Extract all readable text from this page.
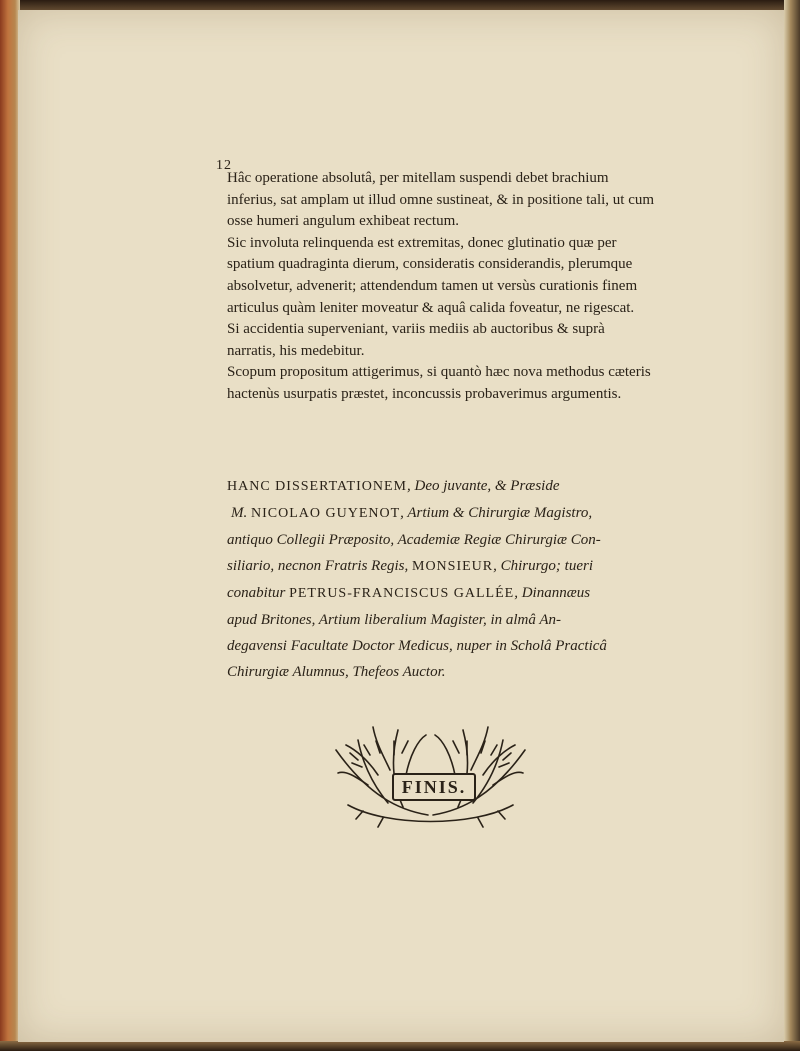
12

Hâc operatione absolutâ, per mitellam suspendi debet brachium inferius, sat amplam ut illud omne sustineat, & in positione tali, ut cum osse humeri angulum exhibeat rectum.

Sic involuta relinquenda est extremitas, donec glutinatio quæ per spatium quadraginta dierum, consideratis considerandis, plerumque absolvetur, advenerit; attendendum tamen ut versùs curationis finem articulus quàm leniter moveatur & aquâ calida foveatur, ne rigescat.

Si accidentia superveniant, variis mediis ab auctoribus & suprà narratis, his medebitur.

Scopum propositum attigerimus, si quantò hæc nova methodus cæteris hactenùs usurpatis præstet, inconcussis probaverimus argumentis.

HANC DISSERTATIONEM, Deo juvante, & Præside
M. NICOLAO GUYENOT, Artium & Chirurgiæ Magistro,
antiquo Collegii Præposito, Academiæ Regiæ Chirurgiæ Con-
siliario, necnon Fratris Regis, MONSIEUR, Chirurgo; tueri
conabitur PETRUS-FRANCISCUS GALLÉE, Dinannæus
apud Britones, Artium liberalium Magister, in almâ An-
degavensi Facultate Doctor Medicus, nuper in Scholâ Practicâ
Chirurgiæ Alumnus, Thefeos Auctor.
FINIS.
